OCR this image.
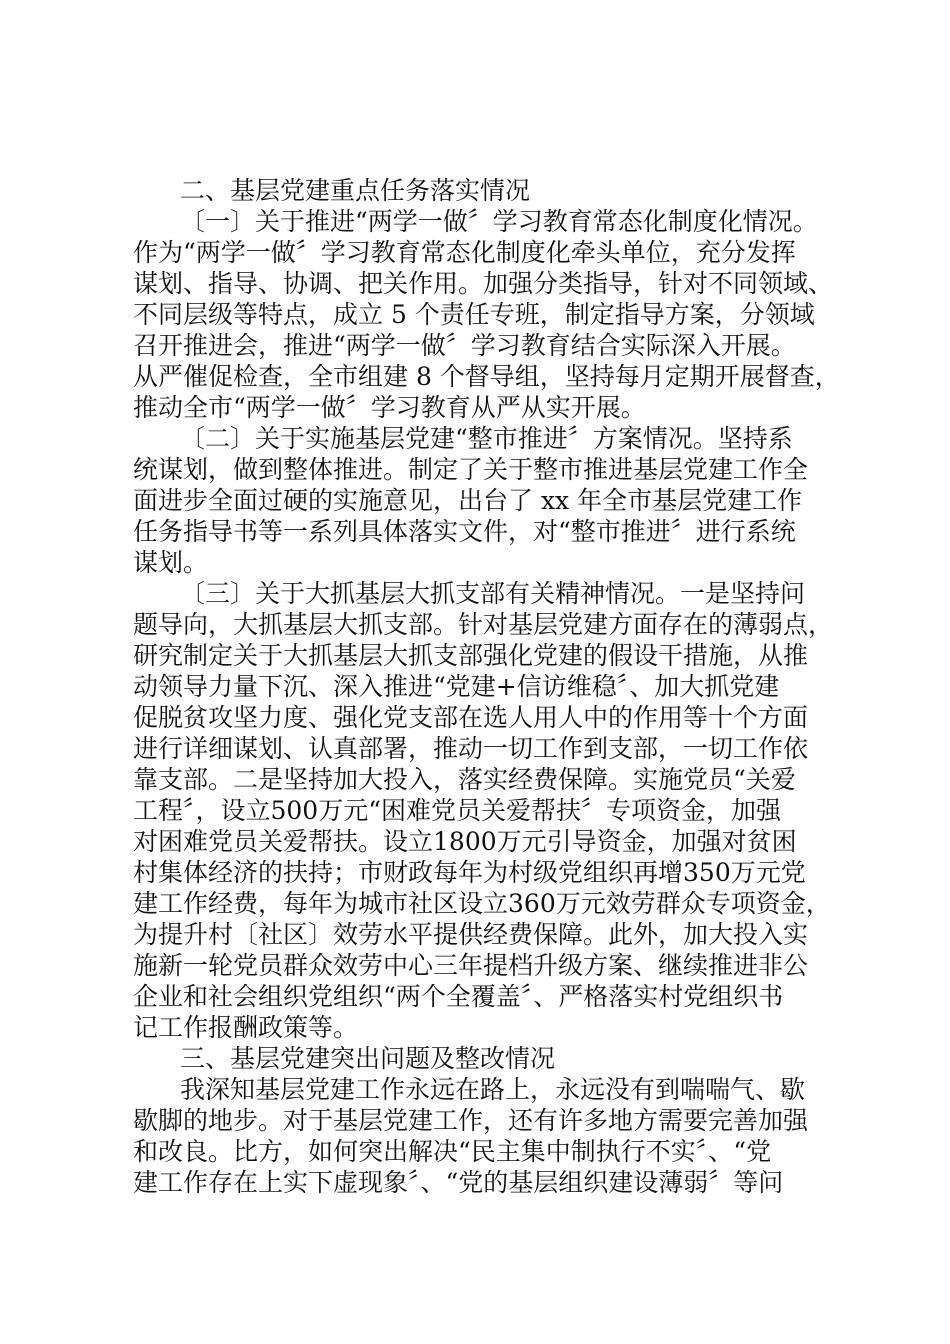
二、基层党建重点任务落实情况
〔一〕关于推进“两学一做〞学习教育常态化制度化情况。
作为“两学一做〞学习教育常态化制度化牵头单位，充分发挥
谋划、指导、协调、把关作用。加强分类指导，针对不同领域、
不同层级等特点，成立 5 个责任专班，制定指导方案，分领域
召开推进会，推进“两学一做〞学习教育结合实际深入开展。
从严催促检查，全市组建 8 个督导组，坚持每月定期开展督查，
推动全市“两学一做〞学习教育从严从实开展。
〔二〕关于实施基层党建“整市推进〞方案情况。坚持系
统谋划，做到整体推进。制定了关于整市推进基层党建工作全
面进步全面过硬的实施意见，出台了 xx 年全市基层党建工作
任务指导书等一系列具体落实文件，对“整市推进〞进行系统
谋划。
〔三〕关于大抓基层大抓支部有关精神情况。一是坚持问
题导向，大抓基层大抓支部。针对基层党建方面存在的薄弱点，
研究制定关于大抓基层大抓支部强化党建的假设干措施，从推
动领导力量下沉、深入推进“党建+信访维稳〞、加大抓党建
促脱贫攻坚力度、强化党支部在选人用人中的作用等十个方面
进行详细谋划、认真部署，推动一切工作到支部，一切工作依
靠支部。二是坚持加大投入，落实经费保障。实施党员“关爱
工程〞，设立500万元“困难党员关爱帮扶〞专项资金，加强
对困难党员关爱帮扶。设立1800万元引导资金，加强对贫困
村集体经济的扶持；市财政每年为村级党组织再增350万元党
建工作经费，每年为城市社区设立360万元效劳群众专项资金，
为提升村〔社区〕效劳水平提供经费保障。此外，加大投入实
施新一轮党员群众效劳中心三年提档升级方案、继续推进非公
企业和社会组织党组织“两个全覆盖〞、严格落实村党组织书
记工作报酬政策等。
三、基层党建突出问题及整改情况
我深知基层党建工作永远在路上，永远没有到喘喘气、歇
歇脚的地步。对于基层党建工作，还有许多地方需要完善加强
和改良。比方，如何突出解决“民主集中制执行不实〞、“党
建工作存在上实下虚现象〞、“党的基层组织建设薄弱〞等问
